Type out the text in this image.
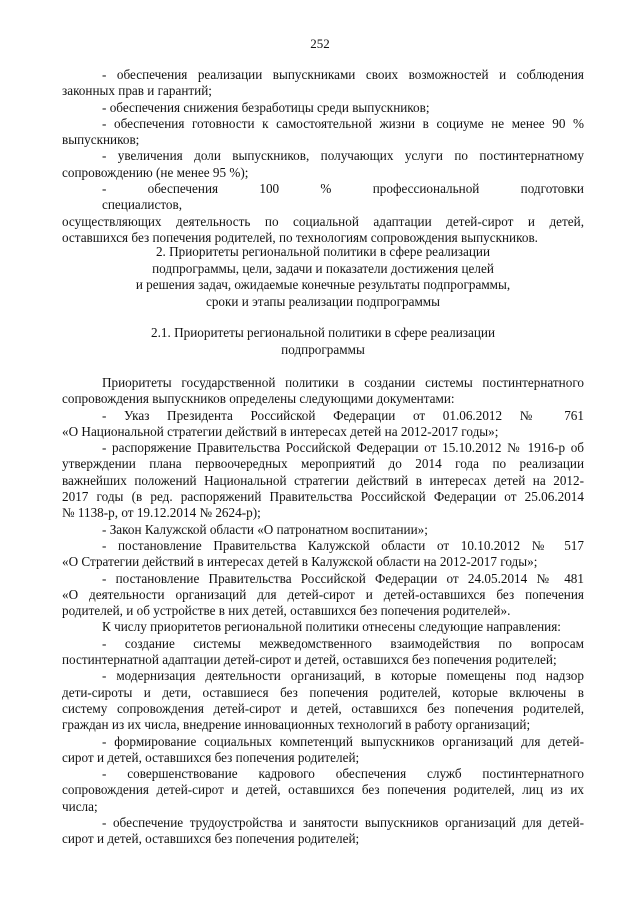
252

- обеспечения реализации выпускниками своих возможностей и соблюдения

законных прав и гарантий;

- обеспечения снижения безработицы среди выпускников;

- обеспечения готовности к самостоятельной жизни в социуме не менее 90 %

выпускников;

- увеличения доли выпускников, получающих услуги по постинтернатному

сопровождению (не менее 95 %);

- обеспечения 100 % профессиональной подготовки специалистов,

осуществляющих деятельность по социальной адаптации детей-сирот и детей,

оставшихся без попечения родителей, по технологиям сопровождения выпускников.

2. Приоритеты региональной политики в сфере реализации
подпрограммы, цели, задачи и показатели достижения целей
и решения задач, ожидаемые конечные результаты подпрограммы,
сроки и этапы реализации подпрограммы
2.1. Приоритеты региональной политики в сфере реализации
подпрограммы

Приоритеты государственной политики в создании системы постинтернатного

сопровождения выпускников определены следующими документами:

- Указ Президента Российской Федерации от 01.06.2012 № 761

«О Национальной стратегии действий в интересах детей на 2012-2017 годы»;

- распоряжение Правительства Российской Федерации от 15.10.2012 № 1916-р об

утверждении плана первоочередных мероприятий до 2014 года по реализации

важнейших положений Национальной стратегии действий в интересах детей на 2012-

2017 годы (в ред. распоряжений Правительства Российской Федерации от 25.06.2014

№ 1138-р, от 19.12.2014 № 2624-р);

- Закон Калужской области «О патронатном воспитании»;

- постановление Правительства Калужской области от 10.10.2012 № 517

«О Стратегии действий в интересах детей в Калужской области на 2012-2017 годы»;

- постановление Правительства Российской Федерации от 24.05.2014 № 481

«О деятельности организаций для детей-сирот и детей-оставшихся без попечения

родителей, и об устройстве в них детей, оставшихся без попечения родителей».

К числу приоритетов региональной политики отнесены следующие направления:

- создание системы межведомственного взаимодействия по вопросам

постинтернатной адаптации детей-сирот и детей, оставшихся без попечения родителей;

- модернизация деятельности организаций, в которые помещены под надзор

дети-сироты и дети, оставшиеся без попечения родителей, которые включены в

систему сопровождения детей-сирот и детей, оставшихся без попечения родителей,

граждан из их числа, внедрение инновационных технологий в работу организаций;

- формирование социальных компетенций выпускников организаций для детей-

сирот и детей, оставшихся без попечения родителей;

- совершенствование кадрового обеспечения служб постинтернатного

сопровождения детей-сирот и детей, оставшихся без попечения родителей, лиц из их

числа;

- обеспечение трудоустройства и занятости выпускников организаций для детей-

сирот и детей, оставшихся без попечения родителей;
